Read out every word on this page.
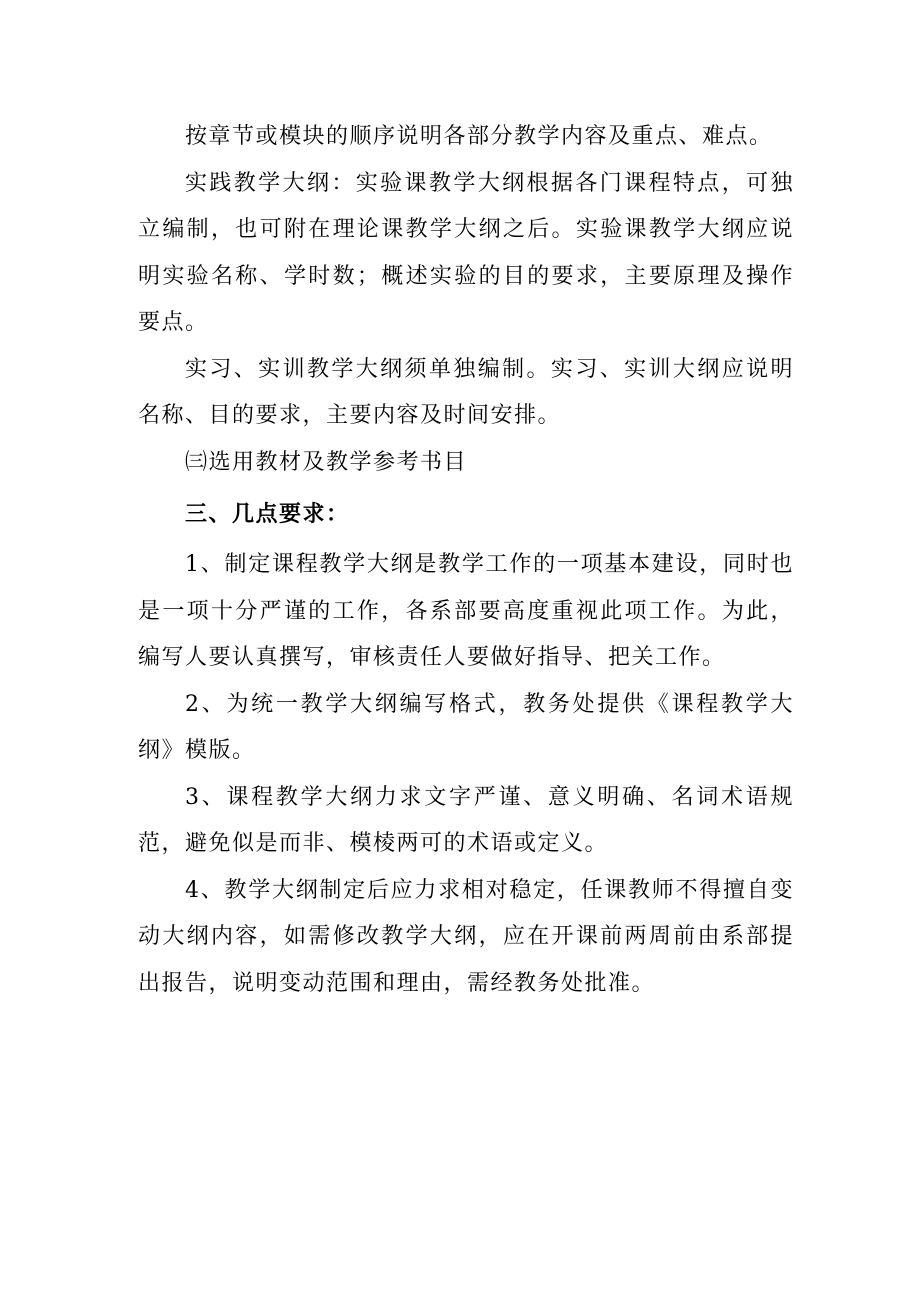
按章节或模块的顺序说明各部分教学内容及重点、难点。

实践教学大纲：实验课教学大纲根据各门课程特点，可独立编制，也可附在理论课教学大纲之后。实验课教学大纲应说明实验名称、学时数；概述实验的目的要求，主要原理及操作要点。

实习、实训教学大纲须单独编制。实习、实训大纲应说明名称、目的要求，主要内容及时间安排。

㈢选用教材及教学参考书目

三、几点要求：

1、制定课程教学大纲是教学工作的一项基本建设，同时也是一项十分严谨的工作，各系部要高度重视此项工作。为此，编写人要认真撰写，审核责任人要做好指导、把关工作。

2、为统一教学大纲编写格式，教务处提供《课程教学大纲》模版。

3、课程教学大纲力求文字严谨、意义明确、名词术语规范，避免似是而非、模棱两可的术语或定义。

4、教学大纲制定后应力求相对稳定，任课教师不得擅自变动大纲内容，如需修改教学大纲，应在开课前两周前由系部提出报告，说明变动范围和理由，需经教务处批准。
